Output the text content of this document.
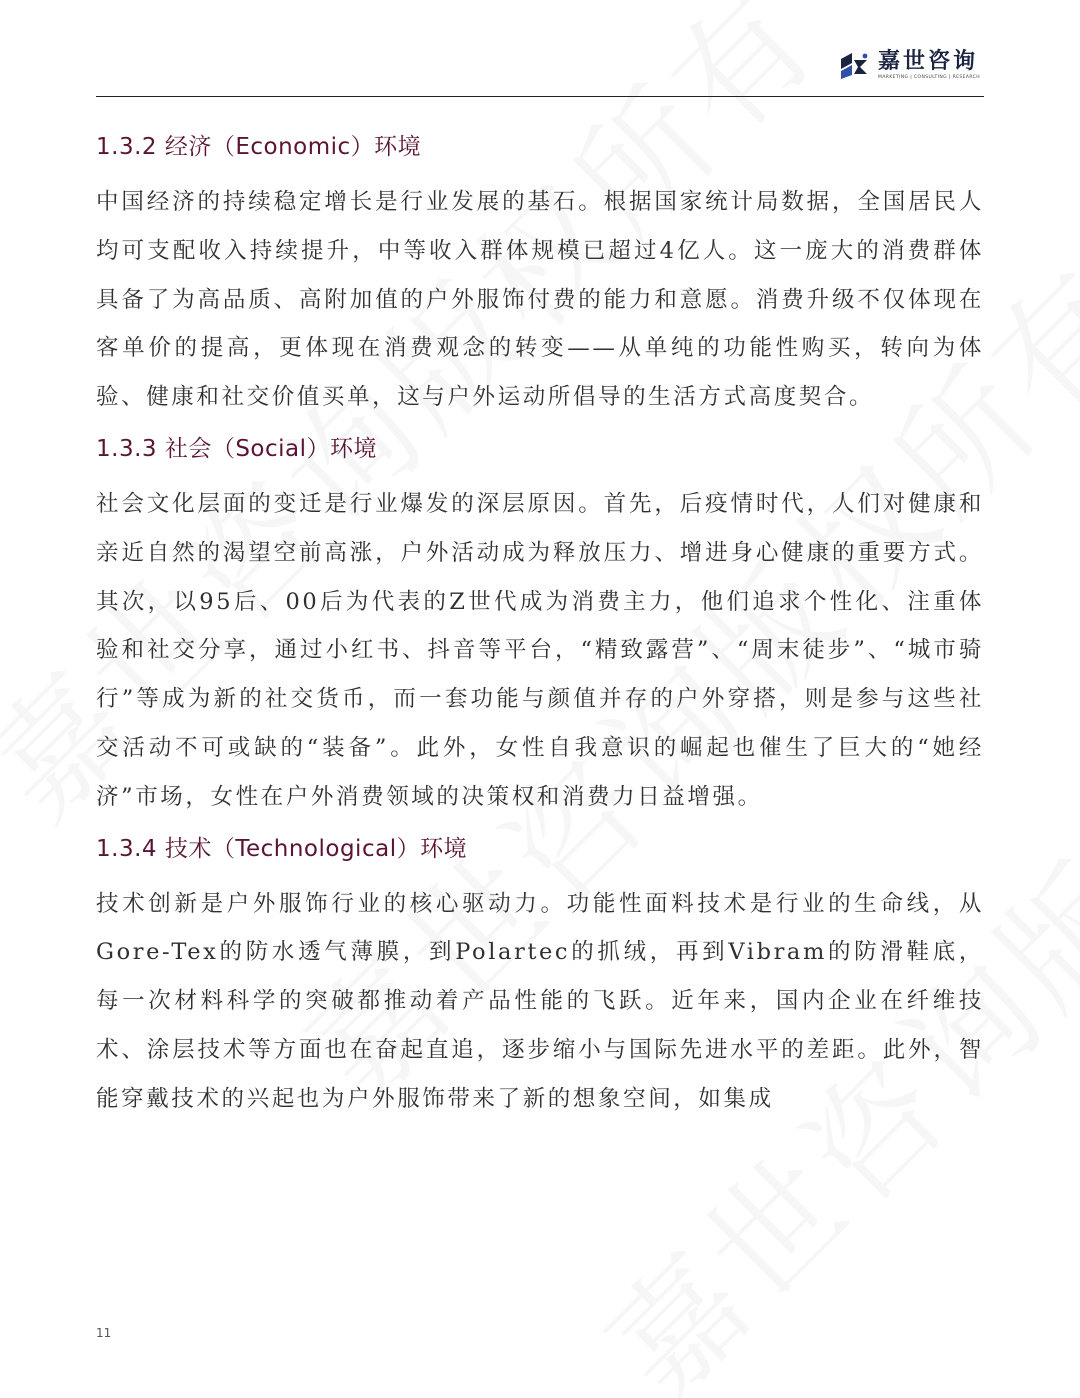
嘉世咨询
MARKETING | CONSULTING | RESEARCH
1.3.2 经济（Economic）环境

中国经济的持续稳定增长是行业发展的基石。根据国家统计局数据，全国居民人均可支配收入持续提升，中等收入群体规模已超过4亿人。这一庞大的消费群体具备了为高品质、高附加值的户外服饰付费的能力和意愿。消费升级不仅体现在客单价的提高，更体现在消费观念的转变——从单纯的功能性购买，转向为体验、健康和社交价值买单，这与户外运动所倡导的生活方式高度契合。

1.3.3 社会（Social）环境

社会文化层面的变迁是行业爆发的深层原因。首先，后疫情时代，人们对健康和亲近自然的渴望空前高涨，户外活动成为释放压力、增进身心健康的重要方式。其次，以95后、00后为代表的Z世代成为消费主力，他们追求个性化、注重体验和社交分享，通过小红书、抖音等平台，“精致露营”、“周末徒步”、“城市骑行”等成为新的社交货币，而一套功能与颜值并存的户外穿搭，则是参与这些社交活动不可或缺的“装备”。此外，女性自我意识的崛起也催生了巨大的“她经济”市场，女性在户外消费领域的决策权和消费力日益增强。

1.3.4 技术（Technological）环境

技术创新是户外服饰行业的核心驱动力。功能性面料技术是行业的生命线，从Gore-Tex的防水透气薄膜，到Polartec的抓绒，再到Vibram的防滑鞋底，每一次材料科学的突破都推动着产品性能的飞跃。近年来，国内企业在纤维技术、涂层技术等方面也在奋起直追，逐步缩小与国际先进水平的差距。此外，智能穿戴技术的兴起也为户外服饰带来了新的想象空间，如集成

11
